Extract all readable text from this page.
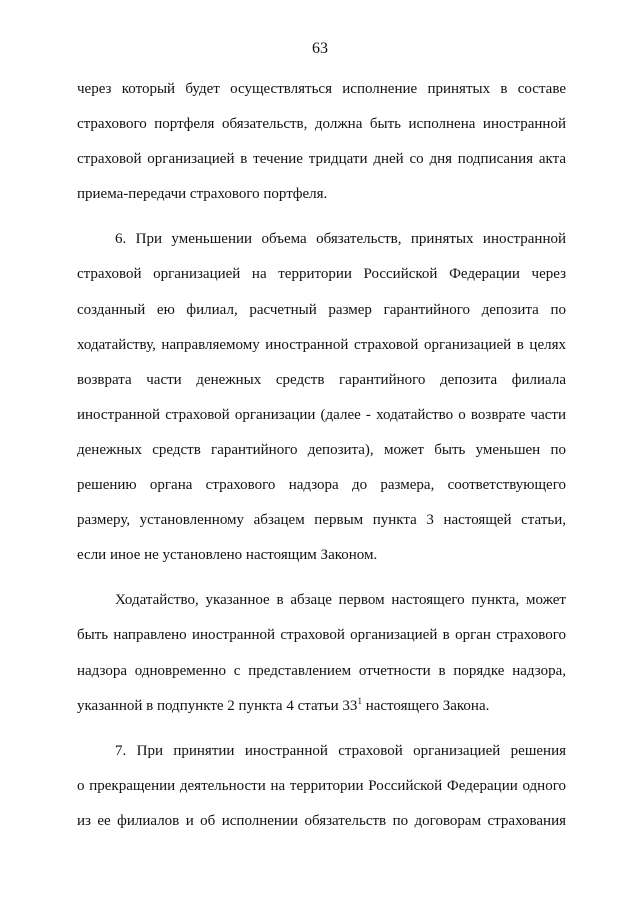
63
через который будет осуществляться исполнение принятых в составе
страхового портфеля обязательств, должна быть исполнена иностранной
страховой организацией в течение тридцати дней со дня подписания акта
приема-передачи страхового портфеля.
6. При уменьшении объема обязательств, принятых иностранной
страховой организацией на территории Российской Федерации через
созданный ею филиал, расчетный размер гарантийного депозита по
ходатайству, направляемому иностранной страховой организацией в целях
возврата части денежных средств гарантийного депозита филиала
иностранной страховой организации (далее - ходатайство о возврате части
денежных средств гарантийного депозита), может быть уменьшен по
решению органа страхового надзора до размера, соответствующего
размеру, установленному абзацем первым пункта 3 настоящей статьи,
если иное не установлено настоящим Законом.
Ходатайство, указанное в абзаце первом настоящего пункта, может
быть направлено иностранной страховой организацией в орган страхового
надзора одновременно с представлением отчетности в порядке надзора,
указанной в подпункте 2 пункта 4 статьи $33^1$ настоящего Закона.
7. При принятии иностранной страховой организацией решения
о прекращении деятельности на территории Российской Федерации одного
из ее филиалов и об исполнении обязательств по договорам страхования
